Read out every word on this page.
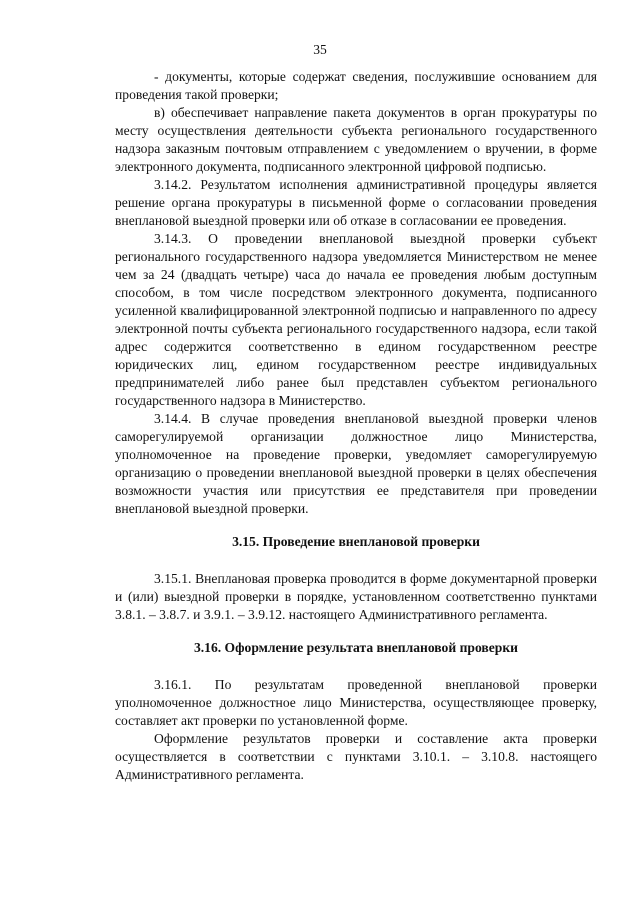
35

- документы, которые содержат сведения, послужившие основанием для проведения такой проверки;

в) обеспечивает направление пакета документов в орган прокуратуры по месту осуществления деятельности субъекта регионального государственного надзора заказным почтовым отправлением с уведомлением о вручении, в форме электронного документа, подписанного электронной цифровой подписью.

3.14.2. Результатом исполнения административной процедуры является решение органа прокуратуры в письменной форме о согласовании проведения внеплановой выездной проверки или об отказе в согласовании ее проведения.

3.14.3. О проведении внеплановой выездной проверки субъект регионального государственного надзора уведомляется Министерством не менее чем за 24 (двадцать четыре) часа до начала ее проведения любым доступным способом, в том числе посредством электронного документа, подписанного усиленной квалифицированной электронной подписью и направленного по адресу электронной почты субъекта регионального государственного надзора, если такой адрес содержится соответственно в едином государственном реестре юридических лиц, едином государственном реестре индивидуальных предпринимателей либо ранее был представлен субъектом регионального государственного надзора в Министерство.

3.14.4. В случае проведения внеплановой выездной проверки членов саморегулируемой организации должностное лицо Министерства, уполномоченное на проведение проверки, уведомляет саморегулируемую организацию о проведении внеплановой выездной проверки в целях обеспечения возможности участия или присутствия ее представителя при проведении внеплановой выездной проверки.

3.15. Проведение внеплановой проверки

3.15.1. Внеплановая проверка проводится в форме документарной проверки и (или) выездной проверки в порядке, установленном соответственно пунктами 3.8.1. – 3.8.7. и 3.9.1. – 3.9.12. настоящего Административного регламента.

3.16. Оформление результата внеплановой проверки

3.16.1. По результатам проведенной внеплановой проверки уполномоченное должностное лицо Министерства, осуществляющее проверку, составляет акт проверки по установленной форме.

Оформление результатов проверки и составление акта проверки осуществляется в соответствии с пунктами 3.10.1. – 3.10.8. настоящего Административного регламента.
